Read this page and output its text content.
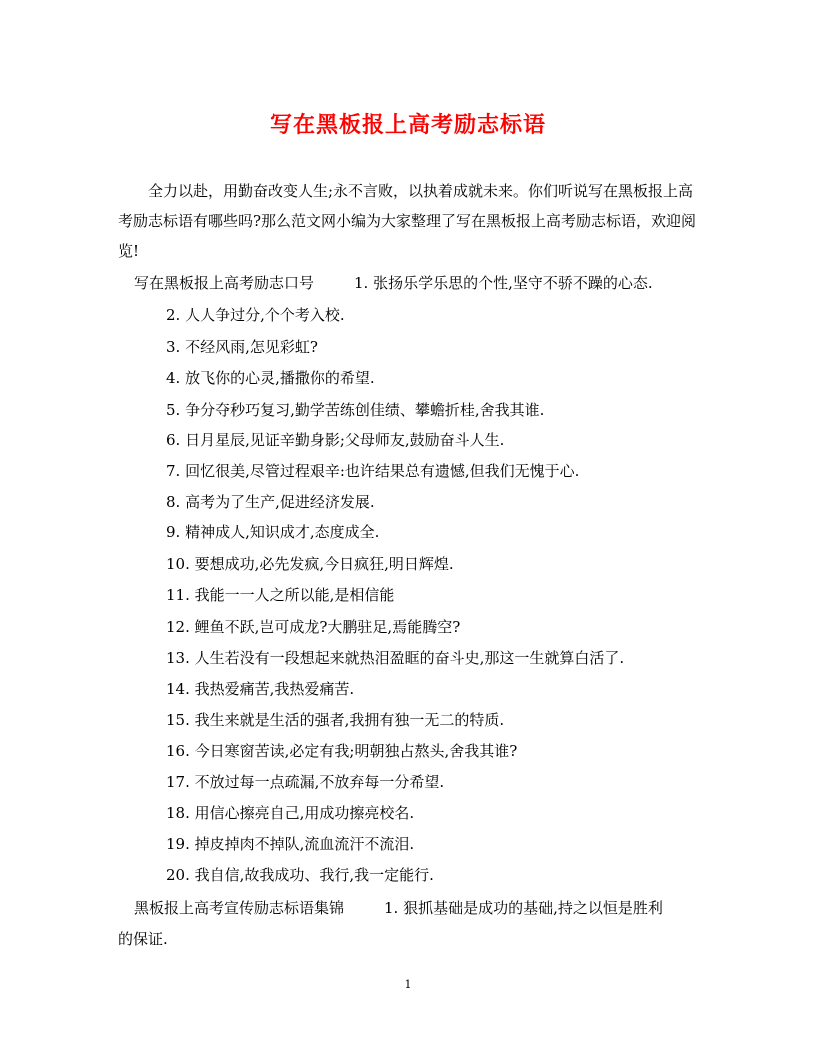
写在黑板报上高考励志标语

全力以赴，用勤奋改变人生;永不言败，以执着成就未来。你们听说写在黑板报上高考励志标语有哪些吗?那么范文网小编为大家整理了写在黑板报上高考励志标语，欢迎阅览!

写在黑板报上高考励志口号	1. 张扬乐学乐思的个性,坚守不骄不躁的心态.
2. 人人争过分,个个考入校.
3. 不经风雨,怎见彩虹?
4. 放飞你的心灵,播撒你的希望.
5. 争分夺秒巧复习,勤学苦练创佳绩、攀蟾折桂,舍我其谁.
6. 日月星辰,见证辛勤身影;父母师友,鼓励奋斗人生.
7. 回忆很美,尽管过程艰辛:也许结果总有遗憾,但我们无愧于心.
8. 高考为了生产,促进经济发展.
9. 精神成人,知识成才,态度成全.
10. 要想成功,必先发疯,今日疯狂,明日辉煌.
11. 我能一一人之所以能,是相信能
12. 鲤鱼不跃,岂可成龙?大鹏驻足,焉能腾空?
13. 人生若没有一段想起来就热泪盈眶的奋斗史,那这一生就算白活了.
14. 我热爱痛苦,我热爱痛苦.
15. 我生来就是生活的强者,我拥有独一无二的特质.
16. 今日寒窗苦读,必定有我;明朝独占熬头,舍我其谁?
17. 不放过每一点疏漏,不放弃每一分希望.
18. 用信心擦亮自己,用成功擦亮校名.
19. 掉皮掉肉不掉队,流血流汗不流泪.
20. 我自信,故我成功、我行,我一定能行.
黑板报上高考宣传励志标语集锦	1. 狠抓基础是成功的基础,持之以恒是胜利
的保证.
1
